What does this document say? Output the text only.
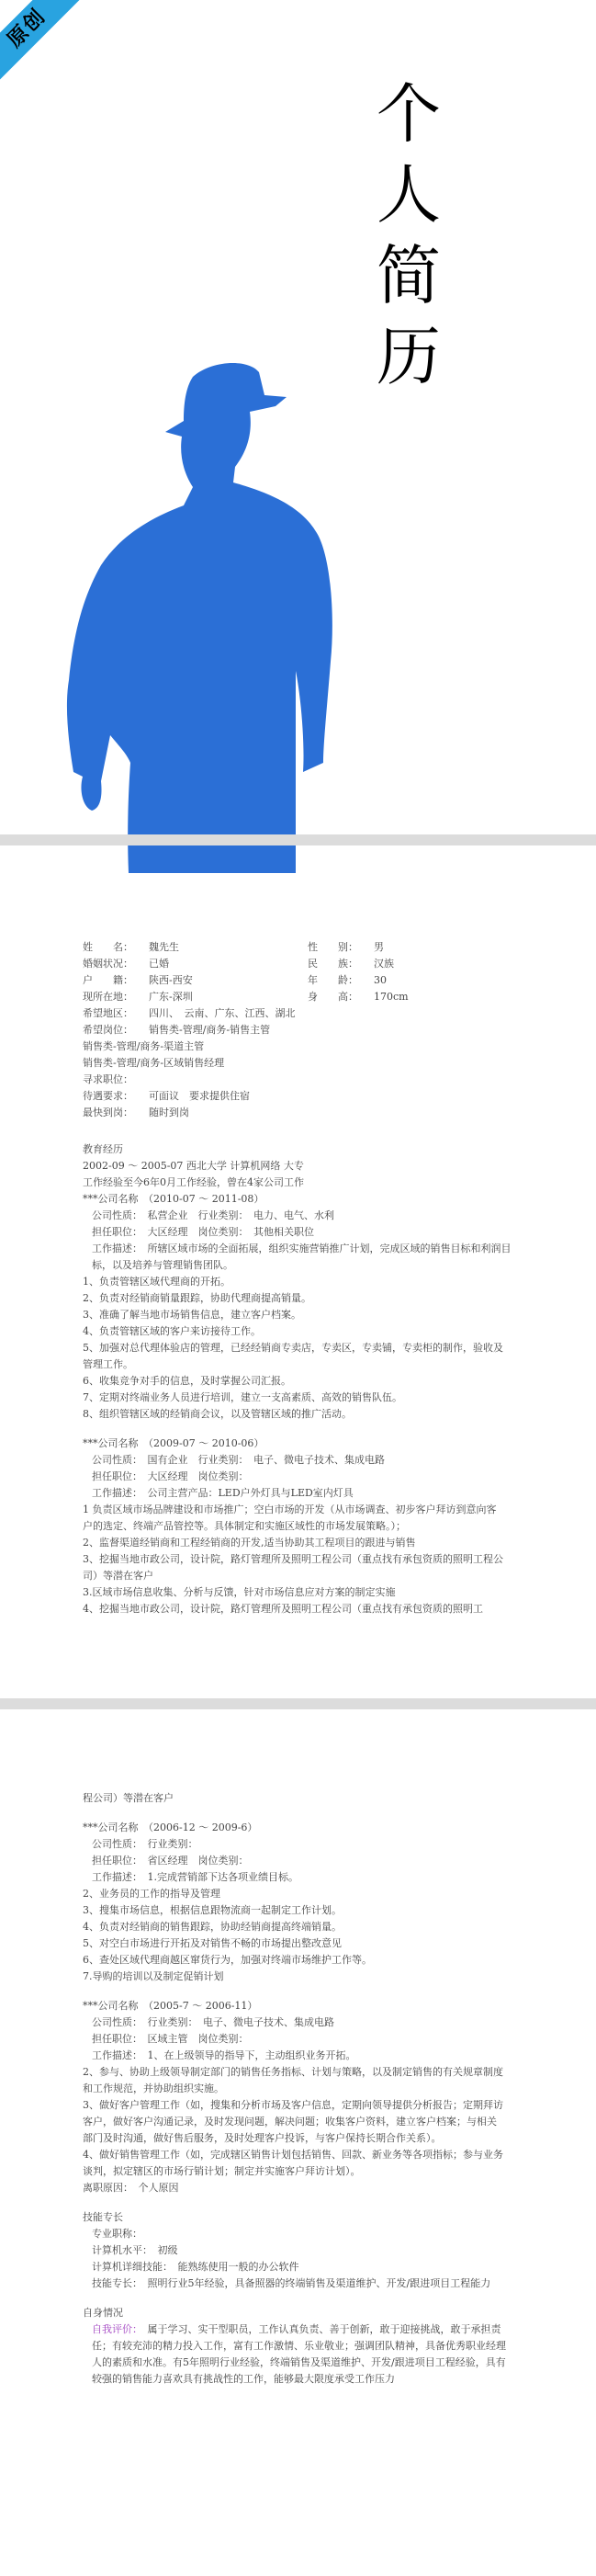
原创
个
人
简
历
姓　　名：	魏先生	性　　别：	男
婚姻状况：	已婚	民　　族：	汉族
户　　籍：	陕西-西安	年　　龄：	30
现所在地：	广东-深圳	身　　高：	170cm
希望地区：	四川、　云南、广东、江西、湖北
希望岗位：	销售类-管理/商务-销售主管
销售类-管理/商务-渠道主管
销售类-管理/商务-区域销售经理
寻求职位：
待遇要求：	可面议　要求提供住宿
最快到岗：	随时到岗
教育经历
2002-09 ～ 2005-07 西北大学 计算机网络 大专
工作经验至今6年0月工作经验，曾在4家公司工作
***公司名称　（2010-07 ～ 2011-08）
公司性质：　私营企业　行业类别：　电力、电气、水利
担任职位：　大区经理　岗位类别：　其他相关职位
工作描述：　所辖区域市场的全面拓展，组织实施营销推广计划，完成区域的销售目标和利润目标，以及培养与管理销售团队。
1、负责管辖区域代理商的开拓。
2、负责对经销商销量跟踪，协助代理商提高销量。
3、准确了解当地市场销售信息，建立客户档案。
4、负责管辖区域的客户来访接待工作。
5、加强对总代理体验店的管理，已经经销商专卖店，专卖区，专卖铺，专卖柜的制作，验收及管理工作。
6、收集竞争对手的信息，及时掌握公司汇报。
7、定期对终端业务人员进行培训，建立一支高素质、高效的销售队伍。
8、组织管辖区域的经销商会议，以及管辖区域的推广活动。
***公司名称　（2009-07 ～ 2010-06）
公司性质：　国有企业　行业类别：　电子、微电子技术、集成电路
担任职位：　大区经理　岗位类别：
工作描述：　公司主营产品：LED户外灯具与LED室内灯具
1 负责区域市场品牌建设和市场推广；空白市场的开发（从市场调查、初步客户拜访到意向客户的选定、终端产品管控等。具体制定和实施区域性的市场发展策略。）；
2、监督渠道经销商和工程经销商的开发,适当协助其工程项目的跟进与销售
3、挖掘当地市政公司，设计院，路灯管理所及照明工程公司（重点找有承包资质的照明工程公司）等潜在客户
3.区域市场信息收集、分析与反馈，针对市场信息应对方案的制定实施
4、挖掘当地市政公司，设计院，路灯管理所及照明工程公司（重点找有承包资质的照明工
程公司）等潜在客户
***公司名称　（2006-12 ～ 2009-6）
公司性质：　行业类别：
担任职位：　省区经理　岗位类别：
工作描述：　1.完成营销部下达各项业绩目标。
2、业务员的工作的指导及管理
3、搜集市场信息，根据信息跟物流商一起制定工作计划。
4、负责对经销商的销售跟踪，协助经销商提高终端销量。
5、对空白市场进行开拓及对销售不畅的市场提出整改意见
6、查处区域代理商越区窜货行为，加强对终端市场维护工作等。
7.导购的培训以及制定促销计划
***公司名称　（2005-7 ～ 2006-11）
公司性质：　行业类别：　电子、微电子技术、集成电路
担任职位：　区域主管　岗位类别：
工作描述：　1、在上级领导的指导下，主动组织业务开拓。
2、参与、协助上级领导制定部门的销售任务指标、计划与策略，以及制定销售的有关规章制度和工作规范，并协助组织实施。
3、做好客户管理工作（如，搜集和分析市场及客户信息，定期向领导提供分析报告；定期拜访客户，做好客户沟通记录，及时发现问题，解决问题；收集客户资料，建立客户档案；与相关部门及时沟通，做好售后服务，及时处理客户投诉，与客户保持长期合作关系）。
4、做好销售管理工作（如，完成辖区销售计划包括销售、回款、新业务等各项指标；参与业务谈判，拟定辖区的市场行销计划；制定并实施客户拜访计划）。
离职原因：　个人原因
技能专长
专业职称：
计算机水平：　初级
计算机详细技能：　能熟练使用一般的办公软件
技能专长：　照明行业5年经验，具备照器的终端销售及渠道维护、开发/跟进项目工程能力
自身情况
自我评价：　属于学习、实干型职员，工作认真负责、善于创新，敢于迎接挑战，敢于承担责任；有较充沛的精力投入工作，富有工作激情、乐业敬业；强调团队精神，具备优秀职业经理人的素质和水准。有5年照明行业经验，终端销售及渠道维护、开发/跟进项目工程经验，具有较强的销售能力喜欢具有挑战性的工作，能够最大限度承受工作压力
